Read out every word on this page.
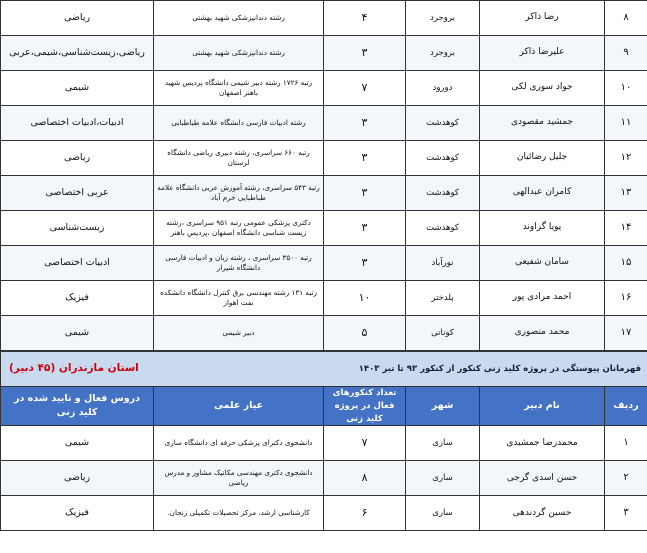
۸	رضا ذاکر	بروجرد	۴	رشته دندانپزشکی شهید بهشتی	ریاضی
۹	علیرضا ذاکر	بروجرد	۳	رشته دندانپزشکی شهید بهشتی	ریاضی،زیست‌شناسی،شیمی،عربی
۱۰	جواد سوری لکی	دورود	۷	رتبه ۱۷۲۶ رشته دبیر شیمی دانشگاه پردیس شهید باهنر اصفهان	شیمی
۱۱	جمشید مقصودی	کوهدشت	۳	رشته ادبیات فارسی دانشگاه علامه طباطبایی	ادبیات،ادبیات اختصاصی
۱۲	جلیل رضائیان	کوهدشت	۳	رتبه ۶۶۰ سراسری، رشته دبیری ریاضی دانشگاه لرستان	ریاضی
۱۳	کامران عبدالهی	کوهدشت	۳	رتبه ۵۴۳ سراسری، رشته آموزش عربی دانشگاه علامه طباطبایی خرم آباد	عربی اختصاصی
۱۴	پویا گراوند	کوهدشت	۳	دکتری پزشکی عمومی رتبه ۹۵۱ سراسری ،رشته زیست شناسی دانشگاه اصفهان ،پردیس باهنر	زیست‌شناسی
۱۵	سامان شفیعی	نورآباد	۳	رتبه ۳۵۰۰ سراسری ، رشته زبان و ادبیات فارسی دانشگاه شیراز	ادبیات اختصاصی
۱۶	احمد مرادی پور	پلدختر	۱۰	رتبه ۱۳۱ رشته مهندسی برق کنترل دانشگاه دانشکده نفت اهواز	فیزیک
۱۷	محمد منصوری	کوناتی	۵	دبیر شیمی	شیمی
قهرمانان پیوستگی در پروژه کلید زنی کنکور از کنکور ۹۳ تا تیر ۱۴۰۳
استان مازندران (۴۵ دبیر)					

ردیف	نام دبیر	شهر	تعداد کنکورهای فعال در پروژه کلید زنی	عیار علمی	دروس فعال و تایید شده در کلید زنی
۱	محمدرضا جمشیدی	ساری	۷	دانشجوی دکترای پزشکی حرفه ای دانشگاه ساری	شیمی
۲	حسن اسدی گرجی	ساری	۸	دانشجوی دکتری مهندسی مکانیک مشاور و مدرس ریاضی	ریاضی
۳	حسین گردندهی	ساری	۶	کارشناسی ارشد، مرکز تحصیلات تکمیلی زنجان.	فیزیک
